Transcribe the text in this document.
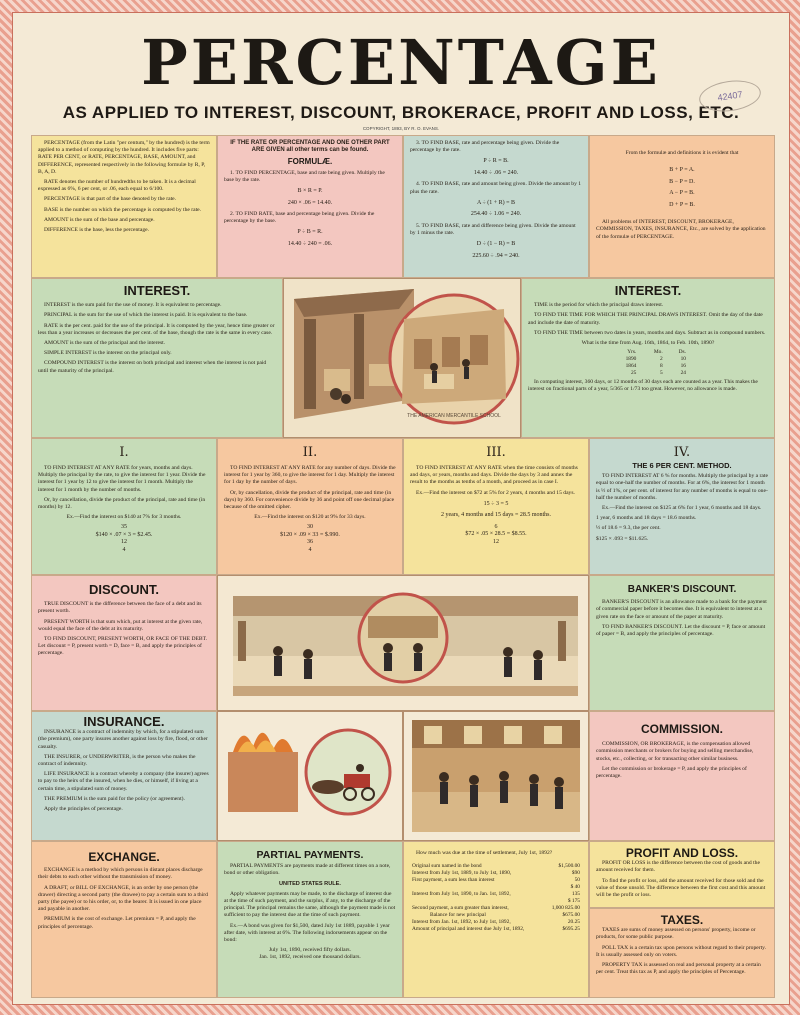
PERCENTAGE
AS APPLIED TO INTEREST, DISCOUNT, BROKERACE, PROFIT AND LOSS, ETC.
COPYRIGHT, 1893, BY R. O. EVANS.
42407
PERCENTAGE (from the Latin "per centum," by the hundred) is the term applied to a method of computing by the hundred. It includes five parts: RATE PER CENT, or RATE, PERCENTAGE, BASE, AMOUNT, and DIFFERENCE, represented respectively in the following formulæ by R, P, B, A, D.
RATE denotes the number of hundredths to be taken. It is a decimal expressed as 6%, 6 per cent, or .06, each equal to 6/100.
PERCENTAGE is that part of the base denoted by the rate.
BASE is the number on which the percentage is computed by the rate.
AMOUNT is the sum of the base and percentage.
DIFFERENCE is the base, less the percentage.
IF THE RATE OR PERCENTAGE AND ONE OTHER PART ARE GIVEN all other terms can be found.
FORMULÆ.
1. TO FIND PERCENTAGE, base and rate being given. Multiply the base by the rate.
B × R = P.
240 × .06 = 14.40.
2. TO FIND RATE, base and percentage being given. Divide the percentage by the base.
P ÷ B = R.
14.40 ÷ 240 = .06.
3. TO FIND BASE, rate and percentage being given. Divide the percentage by the rate.
P ÷ R = B.
14.40 ÷ .06 = 240.
4. TO FIND BASE, rate and amount being given. Divide the amount by 1 plus the rate.
A ÷ (1 + R) = B
254.40 ÷ 1.06 = 240.
5. TO FIND BASE, rate and difference being given. Divide the amount by 1 minus the rate.
D ÷ (1 − R) = B
225.60 ÷ .94 = 240.
From the formulæ and definitions it is evident that
B + P = A.
B − P = D.
A − P = B.
D + P = B.
All problems of INTEREST, DISCOUNT, BROKERAGE, COMMISSION, TAXES, INSURANCE, Etc., are solved by the application of the formulæ of PERCENTAGE.
INTEREST.
INTEREST is the sum paid for the use of money. It is equivalent to percentage.
PRINCIPAL is the sum for the use of which the interest is paid. It is equivalent to the base.
RATE is the per cent. paid for the use of the principal. It is computed by the year, hence time greater or less than a year increases or decreases the per cent. of the base, though the rate is the same in every case.
AMOUNT is the sum of the principal and the interest.
SIMPLE INTEREST is the interest on the principal only.
COMPOUND INTEREST is the interest on both principal and interest when the interest is not paid until the maturity of the principal.
THE AMERICAN MERCANTILE SCHOOL
INTEREST.
TIME is the period for which the principal draws interest.
TO FIND THE TIME FOR WHICH THE PRINCIPAL DRAWS INTEREST. Omit the day of the date and include the date of maturity.
TO FIND THE TIME between two dates in years, months and days. Subtract as in compound numbers.
What is the time from Aug. 16th, 1864, to Feb. 10th, 1890?
Yrs.	Mo.	Ds.
1890	2	10
1864	8	16
25	5	24
In computing interest, 360 days, or 12 months of 30 days each are counted as a year. This makes the interest on fractional parts of a year, 5/365 or 1/73 too great. However, no allowance is made.
I.
TO FIND INTEREST AT ANY RATE for years, months and days. Multiply the principal by the rate, to give the interest for 1 year. Divide the interest for 1 year by 12 to give the interest for 1 month. Multiply the interest for 1 month by the number of months.
Or, by cancellation, divide the product of the principal, rate and time (in months) by 12.
Ex.—Find the interest on $140 at 7% for 3 months.
35
$140 × .07 × 3 = $2.45.
12
4
II.
TO FIND INTEREST AT ANY RATE for any number of days. Divide the interest for 1 year by 360, to give the interest for 1 day. Multiply the interest for 1 day by the number of days.
Or, by cancellation, divide the product of the principal, rate and time (in days) by 360. For convenience divide by 36 and point off one decimal place because of the omitted cipher.
Ex.—Find the interest on $120 at 9% for 33 days.
30
$120 × .09 × 33 = $.990.
36
4
III.
TO FIND INTEREST AT ANY RATE when the time consists of months and days, or years, months and days. Divide the days by 3 and annex the result to the months as tenths of a month, and proceed as in case I.
Ex.—Find the interest on $72 at 5% for 2 years, 4 months and 15 days.
15 ÷ 3 = 5
2 years, 4 months and 15 days = 28.5 months.
6
$72 × .05 × 28.5 = $8.55.
12
IV.
THE 6 PER CENT. METHOD.
TO FIND INTEREST AT 6 % for months. Multiply the principal by a rate equal to one-half the number of months. For at 6%, the interest for 1 month is ½ of 1%, or per cent. of interest for any number of months is equal to one-half the number of months.
Ex.—Find the interest on $125 at 6% for 1 year, 6 months and 18 days.
1 year, 6 months and 18 days = 18.6 months.
½ of 18.6 = 9.3, the per cent.
$125 × .093 = $11.625.
DISCOUNT.
TRUE DISCOUNT is the difference between the face of a debt and its present worth.
PRESENT WORTH is that sum which, put at interest at the given rate, would equal the face of the debt at its maturity.
TO FIND DISCOUNT, PRESENT WORTH, OR FACE OF THE DEBT. Let discount = P, present worth = D, face = B, and apply the principles of percentage.
BANKER'S DISCOUNT.
BANKER'S DISCOUNT is an allowance made to a bank for the payment of commercial paper before it becomes due. It is equivalent to interest at a given rate on the face or amount of the paper at maturity.
TO FIND BANKER'S DISCOUNT. Let the discount = P, face or amount of paper = B, and apply the principles of percentage.
INSURANCE.
INSURANCE is a contract of indemnity by which, for a stipulated sum (the premium), one party insures another against loss by fire, flood, or other casualty.
THE INSURER, or UNDERWRITER, is the person who makes the contract of indemnity.
LIFE INSURANCE is a contract whereby a company (the insurer) agrees to pay to the heirs of the insured, when he dies, or himself, if living at a certain time, a stipulated sum of money.
THE PREMIUM is the sum paid for the policy (or agreement).
Apply the principles of percentage.
COMMISSION.
COMMISSION, OR BROKERAGE, is the compensation allowed commission merchants or brokers for buying and selling merchandise, stocks, etc., collecting, or for transacting other similar business.
Let the commission or brokerage = P, and apply the principles of percentage.
EXCHANGE.
EXCHANGE is a method by which persons in distant places discharge their debts to each other without the transmission of money.
A DRAFT, or BILL OF EXCHANGE, is an order by one person (the drawer) directing a second party (the drawee) to pay a certain sum to a third party (the payee) or to his order, or, to the bearer. It is issued in one place and payable in another.
PREMIUM is the cost of exchange. Let premium = P, and apply the principles of percentage.
PARTIAL PAYMENTS.
PARTIAL PAYMENTS are payments made at different times on a note, bond or other obligation.
UNITED STATES RULE.
Apply whatever payments may be made, to the discharge of interest due at the time of such payment, and the surplus, if any, to the discharge of the principal. The principal remains the same, although the payment made is not sufficient to pay the interest due at the time of such payment.
Ex.—A bond was given for $1,500, dated July 1st 1889, payable 1 year after date, with interest at 6%. The following indorsements appear on the bond:
July 1st, 1890, received fifty dollars.
Jan. 1st, 1892, received one thousand dollars.
How much was due at the time of settlement, July 1st, 1892?
Original sum named in the bond	$1,500.00
Interest from July 1st, 1889, to July 1st, 1890,	$90
First payment, a sum less than interest	50
	$ 40
Interest from July 1st, 1890, to Jan. 1st, 1892,	135
	$ 175
Second payment, a sum greater than interest,	1,000 825.00
Balance for new principal	$675.00
Interest from Jan. 1st, 1892, to July 1st, 1892,	20.25
Amount of principal and interest due July 1st, 1892,	$695.25
PROFIT AND LOSS.
PROFIT OR LOSS is the difference between the cost of goods and the amount received for them.
To find the profit or loss, add the amount received for those sold and the value of those unsold. The difference between the first cost and this amount will be the profit or loss.
TAXES.
TAXES are sums of money assessed on persons' property, income or products, for some public purpose.
POLL TAX is a certain tax upon persons without regard to their property. It is usually assessed only on voters.
PROPERTY TAX is assessed on real and personal property at a certain per cent. Treat this tax as P, and apply the principles of Percentage.
